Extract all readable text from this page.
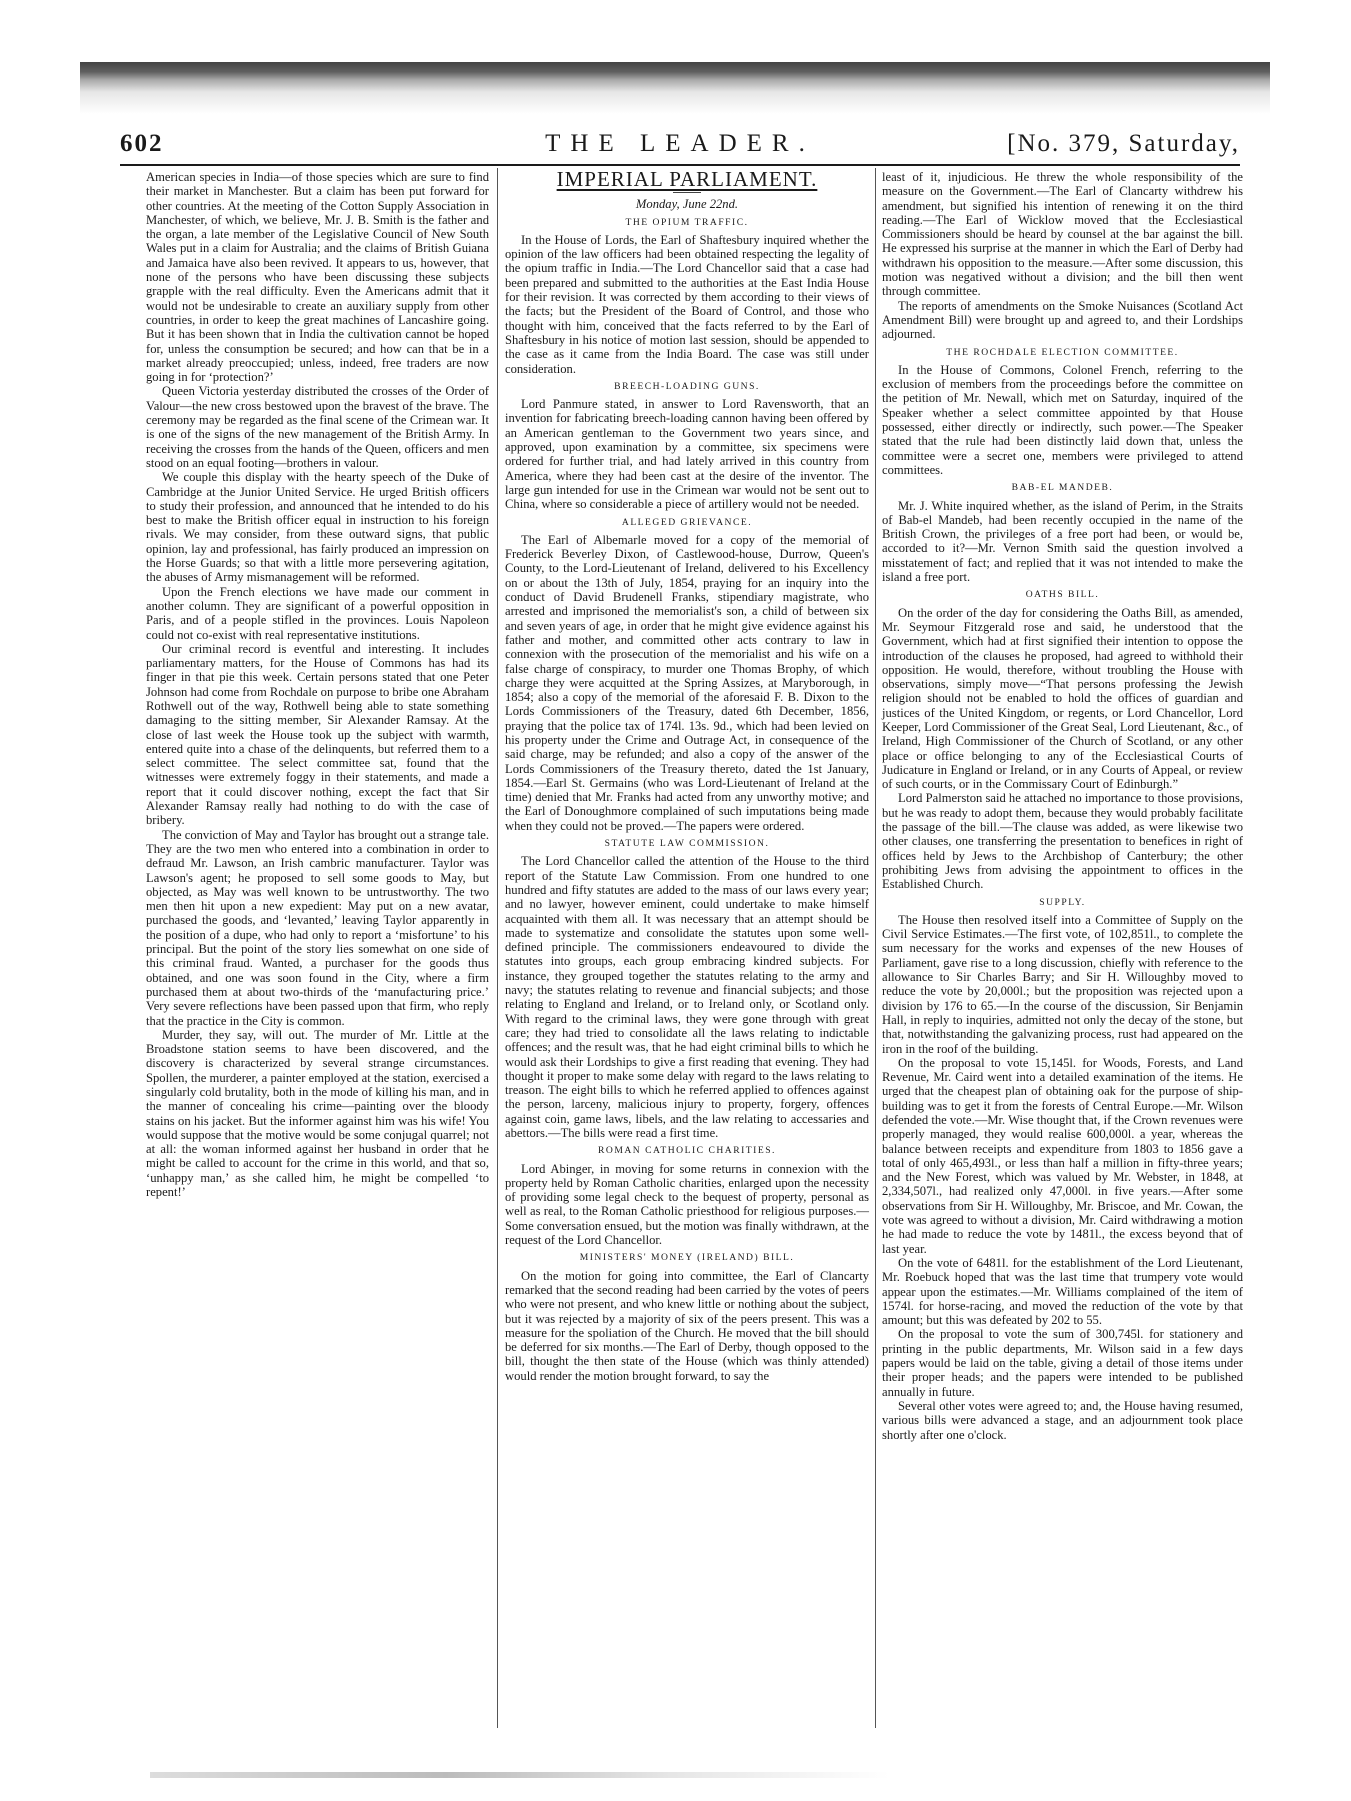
602	THE LEADER.	[No. 379, Saturday,

American species in India—of those species which are sure to find their market in Manchester. But a claim has been put forward for other countries. At the meeting of the Cotton Supply Association in Manchester, of which, we believe, Mr. J. B. Smith is the father and the organ, a late member of the Legislative Council of New South Wales put in a claim for Australia; and the claims of British Guiana and Jamaica have also been revived. It appears to us, however, that none of the persons who have been discussing these subjects grapple with the real difficulty. Even the Americans admit that it would not be undesirable to create an auxiliary supply from other countries, in order to keep the great machines of Lancashire going. But it has been shown that in India the cultivation cannot be hoped for, unless the consumption be secured; and how can that be in a market already preoccupied; unless, indeed, free traders are now going in for ‘protection?’

Queen Victoria yesterday distributed the crosses of the Order of Valour—the new cross bestowed upon the bravest of the brave. The ceremony may be regarded as the final scene of the Crimean war. It is one of the signs of the new management of the British Army. In receiving the crosses from the hands of the Queen, officers and men stood on an equal footing—brothers in valour.

We couple this display with the hearty speech of the Duke of Cambridge at the Junior United Service. He urged British officers to study their profession, and announced that he intended to do his best to make the British officer equal in instruction to his foreign rivals. We may consider, from these outward signs, that public opinion, lay and professional, has fairly produced an impression on the Horse Guards; so that with a little more persevering agitation, the abuses of Army mismanagement will be reformed.

Upon the French elections we have made our comment in another column. They are significant of a powerful opposition in Paris, and of a people stifled in the provinces. Louis Napoleon could not co-exist with real representative institutions.

Our criminal record is eventful and interesting. It includes parliamentary matters, for the House of Commons has had its finger in that pie this week. Certain persons stated that one Peter Johnson had come from Rochdale on purpose to bribe one Abraham Rothwell out of the way, Rothwell being able to state something damaging to the sitting member, Sir Alexander Ramsay. At the close of last week the House took up the subject with warmth, entered quite into a chase of the delinquents, but referred them to a select committee. The select committee sat, found that the witnesses were extremely foggy in their statements, and made a report that it could discover nothing, except the fact that Sir Alexander Ramsay really had nothing to do with the case of bribery.

The conviction of May and Taylor has brought out a strange tale. They are the two men who entered into a combination in order to defraud Mr. Lawson, an Irish cambric manufacturer. Taylor was Lawson's agent; he proposed to sell some goods to May, but objected, as May was well known to be untrustworthy. The two men then hit upon a new expedient: May put on a new avatar, purchased the goods, and ‘levanted,’ leaving Taylor apparently in the position of a dupe, who had only to report a ‘misfortune’ to his principal. But the point of the story lies somewhat on one side of this criminal fraud. Wanted, a purchaser for the goods thus obtained, and one was soon found in the City, where a firm purchased them at about two-thirds of the ‘manufacturing price.’ Very severe reflections have been passed upon that firm, who reply that the practice in the City is common.

Murder, they say, will out. The murder of Mr. Little at the Broadstone station seems to have been discovered, and the discovery is characterized by several strange circumstances. Spollen, the murderer, a painter employed at the station, exercised a singularly cold brutality, both in the mode of killing his man, and in the manner of concealing his crime—painting over the bloody stains on his jacket. But the informer against him was his wife! You would suppose that the motive would be some conjugal quarrel; not at all: the woman informed against her husband in order that he might be called to account for the crime in this world, and that so, ‘unhappy man,’ as she called him, he might be compelled ‘to repent!’

IMPERIAL PARLIAMENT.
Monday, June 22nd.
THE OPIUM TRAFFIC.

In the House of Lords, the Earl of Shaftesbury inquired whether the opinion of the law officers had been obtained respecting the legality of the opium traffic in India.—The Lord Chancellor said that a case had been prepared and submitted to the authorities at the East India House for their revision. It was corrected by them according to their views of the facts; but the President of the Board of Control, and those who thought with him, conceived that the facts referred to by the Earl of Shaftesbury in his notice of motion last session, should be appended to the case as it came from the India Board. The case was still under consideration.

BREECH-LOADING GUNS.

Lord Panmure stated, in answer to Lord Ravensworth, that an invention for fabricating breech-loading cannon having been offered by an American gentleman to the Government two years since, and approved, upon examination by a committee, six specimens were ordered for further trial, and had lately arrived in this country from America, where they had been cast at the desire of the inventor. The large gun intended for use in the Crimean war would not be sent out to China, where so considerable a piece of artillery would not be needed.

ALLEGED GRIEVANCE.

The Earl of Albemarle moved for a copy of the memorial of Frederick Beverley Dixon, of Castlewood-house, Durrow, Queen's County, to the Lord-Lieutenant of Ireland, delivered to his Excellency on or about the 13th of July, 1854, praying for an inquiry into the conduct of David Brudenell Franks, stipendiary magistrate, who arrested and imprisoned the memorialist's son, a child of between six and seven years of age, in order that he might give evidence against his father and mother, and committed other acts contrary to law in connexion with the prosecution of the memorialist and his wife on a false charge of conspiracy, to murder one Thomas Brophy, of which charge they were acquitted at the Spring Assizes, at Maryborough, in 1854; also a copy of the memorial of the aforesaid F. B. Dixon to the Lords Commissioners of the Treasury, dated 6th December, 1856, praying that the police tax of 174l. 13s. 9d., which had been levied on his property under the Crime and Outrage Act, in consequence of the said charge, may be refunded; and also a copy of the answer of the Lords Commissioners of the Treasury thereto, dated the 1st January, 1854.—Earl St. Germains (who was Lord-Lieutenant of Ireland at the time) denied that Mr. Franks had acted from any unworthy motive; and the Earl of Donoughmore complained of such imputations being made when they could not be proved.—The papers were ordered.

STATUTE LAW COMMISSION.

The Lord Chancellor called the attention of the House to the third report of the Statute Law Commission. From one hundred to one hundred and fifty statutes are added to the mass of our laws every year; and no lawyer, however eminent, could undertake to make himself acquainted with them all. It was necessary that an attempt should be made to systematize and consolidate the statutes upon some well-defined principle. The commissioners endeavoured to divide the statutes into groups, each group embracing kindred subjects. For instance, they grouped together the statutes relating to the army and navy; the statutes relating to revenue and financial subjects; and those relating to England and Ireland, or to Ireland only, or Scotland only. With regard to the criminal laws, they were gone through with great care; they had tried to consolidate all the laws relating to indictable offences; and the result was, that he had eight criminal bills to which he would ask their Lordships to give a first reading that evening. They had thought it proper to make some delay with regard to the laws relating to treason. The eight bills to which he referred applied to offences against the person, larceny, malicious injury to property, forgery, offences against coin, game laws, libels, and the law relating to accessaries and abettors.—The bills were read a first time.

ROMAN CATHOLIC CHARITIES.

Lord Abinger, in moving for some returns in connexion with the property held by Roman Catholic charities, enlarged upon the necessity of providing some legal check to the bequest of property, personal as well as real, to the Roman Catholic priesthood for religious purposes.—Some conversation ensued, but the motion was finally withdrawn, at the request of the Lord Chancellor.

MINISTERS' MONEY (IRELAND) BILL.

On the motion for going into committee, the Earl of Clancarty remarked that the second reading had been carried by the votes of peers who were not present, and who knew little or nothing about the subject, but it was rejected by a majority of six of the peers present. This was a measure for the spoliation of the Church. He moved that the bill should be deferred for six months.—The Earl of Derby, though opposed to the bill, thought the then state of the House (which was thinly attended) would render the motion brought forward, to say the

least of it, injudicious. He threw the whole responsibility of the measure on the Government.—The Earl of Clancarty withdrew his amendment, but signified his intention of renewing it on the third reading.—The Earl of Wicklow moved that the Ecclesiastical Commissioners should be heard by counsel at the bar against the bill. He expressed his surprise at the manner in which the Earl of Derby had withdrawn his opposition to the measure.—After some discussion, this motion was negatived without a division; and the bill then went through committee.

The reports of amendments on the Smoke Nuisances (Scotland Act Amendment Bill) were brought up and agreed to, and their Lordships adjourned.

THE ROCHDALE ELECTION COMMITTEE.

In the House of Commons, Colonel French, referring to the exclusion of members from the proceedings before the committee on the petition of Mr. Newall, which met on Saturday, inquired of the Speaker whether a select committee appointed by that House possessed, either directly or indirectly, such power.—The Speaker stated that the rule had been distinctly laid down that, unless the committee were a secret one, members were privileged to attend committees.

BAB-EL MANDEB.

Mr. J. White inquired whether, as the island of Perim, in the Straits of Bab-el Mandeb, had been recently occupied in the name of the British Crown, the privileges of a free port had been, or would be, accorded to it?—Mr. Vernon Smith said the question involved a misstatement of fact; and replied that it was not intended to make the island a free port.

OATHS BILL.

On the order of the day for considering the Oaths Bill, as amended, Mr. Seymour Fitzgerald rose and said, he understood that the Government, which had at first signified their intention to oppose the introduction of the clauses he proposed, had agreed to withhold their opposition. He would, therefore, without troubling the House with observations, simply move—“That persons professing the Jewish religion should not be enabled to hold the offices of guardian and justices of the United Kingdom, or regents, or Lord Chancellor, Lord Keeper, Lord Commissioner of the Great Seal, Lord Lieutenant, &c., of Ireland, High Commissioner of the Church of Scotland, or any other place or office belonging to any of the Ecclesiastical Courts of Judicature in England or Ireland, or in any Courts of Appeal, or review of such courts, or in the Commissary Court of Edinburgh.”

Lord Palmerston said he attached no importance to those provisions, but he was ready to adopt them, because they would probably facilitate the passage of the bill.—The clause was added, as were likewise two other clauses, one transferring the presentation to benefices in right of offices held by Jews to the Archbishop of Canterbury; the other prohibiting Jews from advising the appointment to offices in the Established Church.

SUPPLY.

The House then resolved itself into a Committee of Supply on the Civil Service Estimates.—The first vote, of 102,851l., to complete the sum necessary for the works and expenses of the new Houses of Parliament, gave rise to a long discussion, chiefly with reference to the allowance to Sir Charles Barry; and Sir H. Willoughby moved to reduce the vote by 20,000l.; but the proposition was rejected upon a division by 176 to 65.—In the course of the discussion, Sir Benjamin Hall, in reply to inquiries, admitted not only the decay of the stone, but that, notwithstanding the galvanizing process, rust had appeared on the iron in the roof of the building.

On the proposal to vote 15,145l. for Woods, Forests, and Land Revenue, Mr. Caird went into a detailed examination of the items. He urged that the cheapest plan of obtaining oak for the purpose of ship-building was to get it from the forests of Central Europe.—Mr. Wilson defended the vote.—Mr. Wise thought that, if the Crown revenues were properly managed, they would realise 600,000l. a year, whereas the balance between receipts and expenditure from 1803 to 1856 gave a total of only 465,493l., or less than half a million in fifty-three years; and the New Forest, which was valued by Mr. Webster, in 1848, at 2,334,507l., had realized only 47,000l. in five years.—After some observations from Sir H. Willoughby, Mr. Briscoe, and Mr. Cowan, the vote was agreed to without a division, Mr. Caird withdrawing a motion he had made to reduce the vote by 1481l., the excess beyond that of last year.

On the vote of 6481l. for the establishment of the Lord Lieutenant, Mr. Roebuck hoped that was the last time that trumpery vote would appear upon the estimates.—Mr. Williams complained of the item of 1574l. for horse-racing, and moved the reduction of the vote by that amount; but this was defeated by 202 to 55.

On the proposal to vote the sum of 300,745l. for stationery and printing in the public departments, Mr. Wilson said in a few days papers would be laid on the table, giving a detail of those items under their proper heads; and the papers were intended to be published annually in future.

Several other votes were agreed to; and, the House having resumed, various bills were advanced a stage, and an adjournment took place shortly after one o'clock.
